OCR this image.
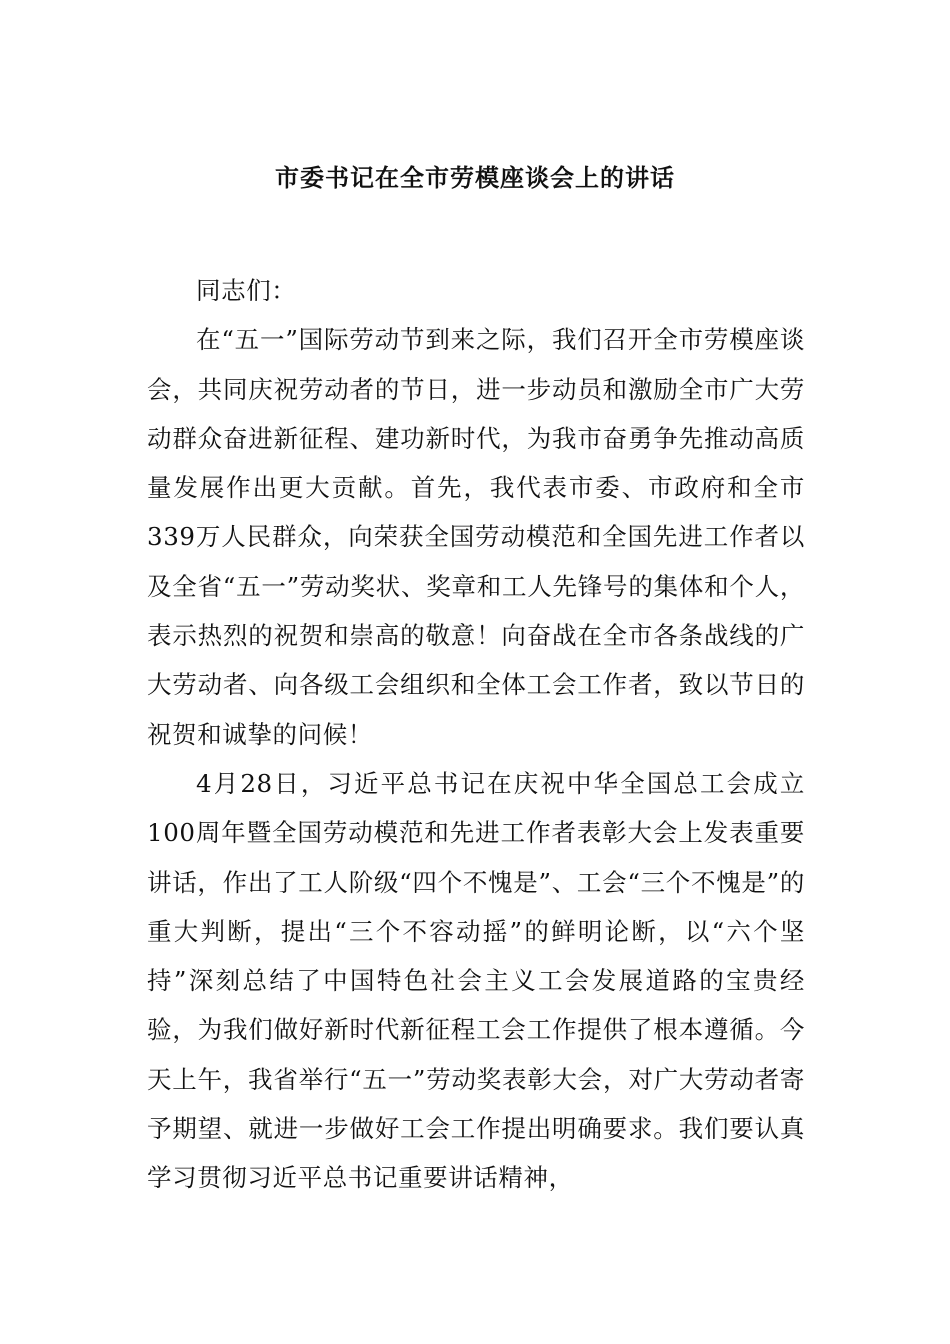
市委书记在全市劳模座谈会上的讲话

同志们：

在“五一”国际劳动节到来之际，我们召开全市劳模座谈会，共同庆祝劳动者的节日，进一步动员和激励全市广大劳动群众奋进新征程、建功新时代，为我市奋勇争先推动高质量发展作出更大贡献。首先，我代表市委、市政府和全市339万人民群众，向荣获全国劳动模范和全国先进工作者以及全省“五一”劳动奖状、奖章和工人先锋号的集体和个人，表示热烈的祝贺和崇高的敬意！向奋战在全市各条战线的广大劳动者、向各级工会组织和全体工会工作者，致以节日的祝贺和诚挚的问候！

4月28日，习近平总书记在庆祝中华全国总工会成立100周年暨全国劳动模范和先进工作者表彰大会上发表重要讲话，作出了工人阶级“四个不愧是”、工会“三个不愧是”的重大判断，提出“三个不容动摇”的鲜明论断，以“六个坚持”深刻总结了中国特色社会主义工会发展道路的宝贵经验，为我们做好新时代新征程工会工作提供了根本遵循。今天上午，我省举行“五一”劳动奖表彰大会，对广大劳动者寄予期望、就进一步做好工会工作提出明确要求。我们要认真学习贯彻习近平总书记重要讲话精神，
